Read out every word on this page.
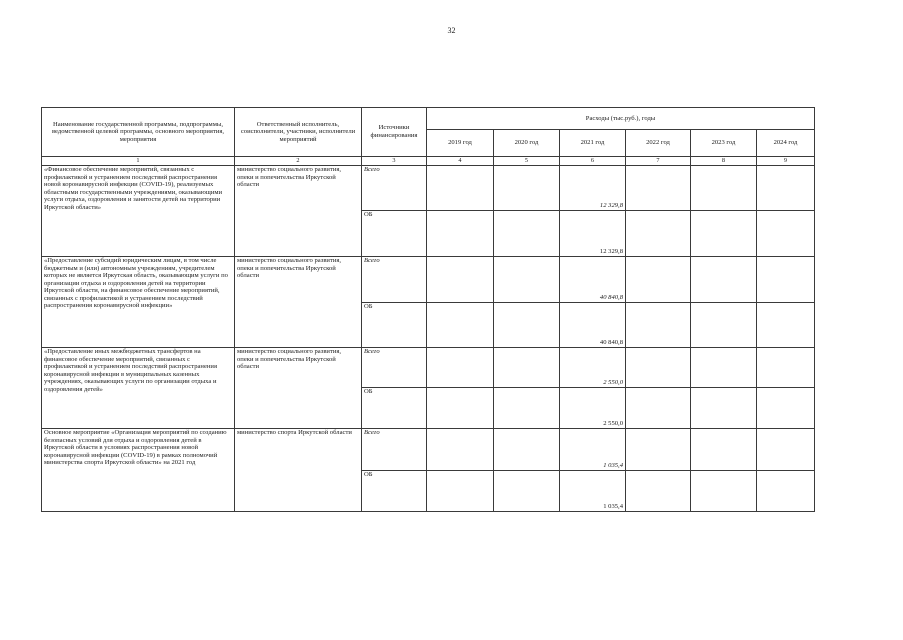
32
Наименование государственной программы, подпрограммы, ведомственной целевой программы, основного мероприятия, мероприятия	Ответственный исполнитель, соисполнители, участники, исполнители мероприятий	Источники финансирования	Расходы (тыс.руб.), годы					
			2019 год	2020 год	2021 год	2022 год	2023 год	2024 год
1	2	3	4	5	6	7	8	9
«Финансовое обеспечение мероприятий, связанных с профилактикой и устранением последствий распространения новой коронавирусной инфекции (COVID-19), реализуемых областными государственными учреждениями, оказывающими услуги отдыха, оздоровления и занятости детей на территории Иркутской области»	министерство социального развития, опеки и попечительства Иркутской области	Всего			12 329,8			
		ОБ			12 329,8			
«Предоставление субсидий юридическим лицам, в том числе бюджетным и (или) автономным учреждениям, учредителем которых не является Иркутская область, оказывающим услуги по организации отдыха и оздоровления детей на территории Иркутской области, на финансовое обеспечение мероприятий, связанных с профилактикой и устранением последствий распространения коронавирусной инфекции»	министерство социального развития, опеки и попечительства Иркутской области	Всего			40 840,8			
		ОБ			40 840,8			
«Предоставление иных межбюджетных трансфертов на финансовое обеспечение мероприятий, связанных с профилактикой и устранением последствий распространения коронавирусной инфекции в муниципальных казенных учреждениях, оказывающих услуги по организации отдыха и оздоровления детей»	министерство социального развития, опеки и попечительства Иркутской области	Всего			2 550,0			
		ОБ			2 550,0			
Основное мероприятие «Организация мероприятий по созданию безопасных условий для отдыха и оздоровления детей в Иркутской области в условиях распространения новой коронавирусной инфекции (COVID-19) в рамках полномочий министерства спорта Иркутской области» на 2021 год	министерство спорта Иркутской области	Всего			1 035,4			
		ОБ			1 035,4			
